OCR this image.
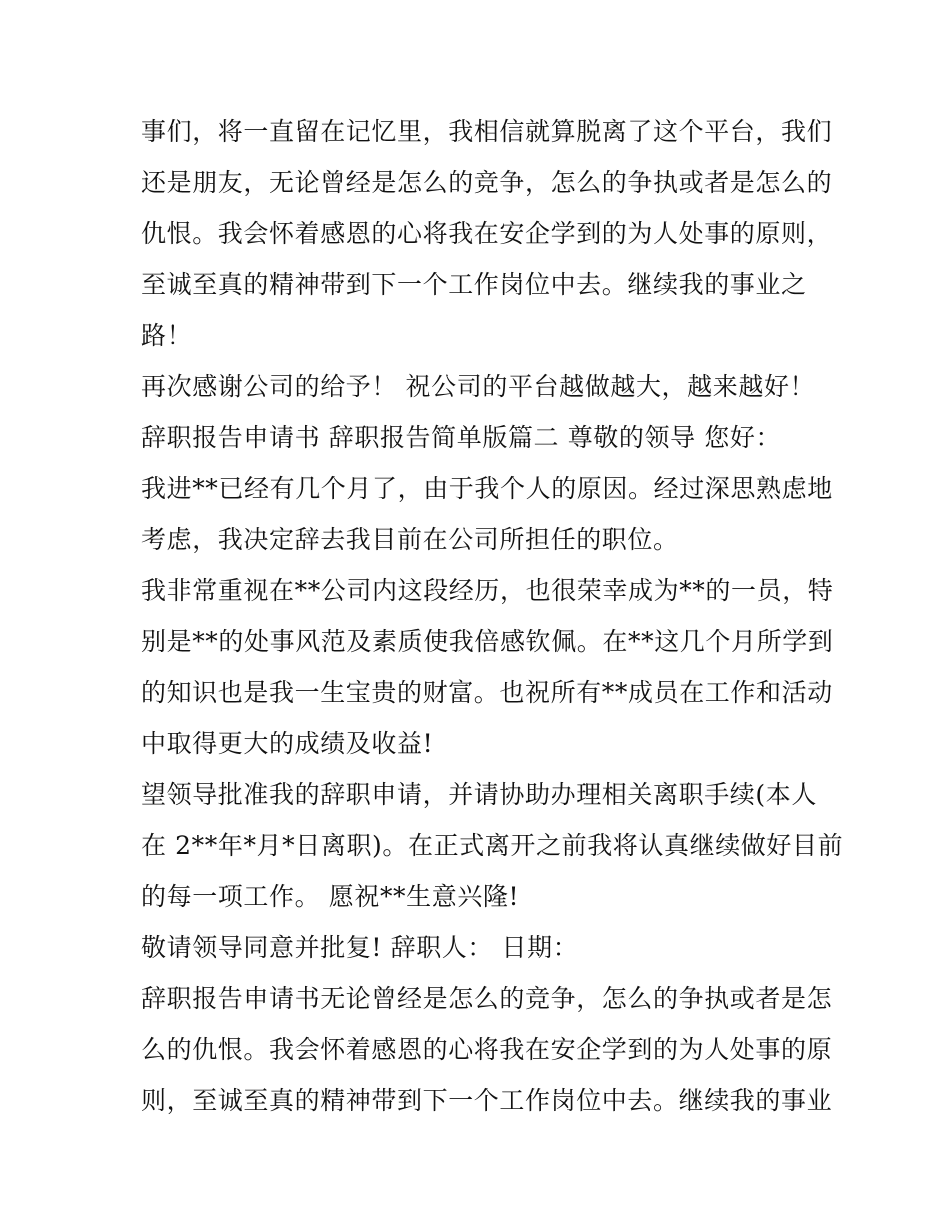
事们，将一直留在记忆里，我相信就算脱离了这个平台，我们
还是朋友，无论曾经是怎么的竞争，怎么的争执或者是怎么的
仇恨。我会怀着感恩的心将我在安企学到的为人处事的原则，
至诚至真的精神带到下一个工作岗位中去。继续我的事业之
路！
再次感谢公司的给予！ 祝公司的平台越做越大，越来越好！
辞职报告申请书 辞职报告简单版篇二 尊敬的领导 您好：
我进**已经有几个月了，由于我个人的原因。经过深思熟虑地
考虑，我决定辞去我目前在公司所担任的职位。
我非常重视在**公司内这段经历，也很荣幸成为**的一员，特
别是**的处事风范及素质使我倍感钦佩。在**这几个月所学到
的知识也是我一生宝贵的财富。也祝所有**成员在工作和活动
中取得更大的成绩及收益!
望领导批准我的辞职申请，并请协助办理相关离职手续(本人
在 2**年*月*日离职)。在正式离开之前我将认真继续做好目前
的每一项工作。 愿祝**生意兴隆!
敬请领导同意并批复! 辞职人： 日期：
辞职报告申请书无论曾经是怎么的竞争，怎么的争执或者是怎
么的仇恨。我会怀着感恩的心将我在安企学到的为人处事的原
则，至诚至真的精神带到下一个工作岗位中去。继续我的事业
